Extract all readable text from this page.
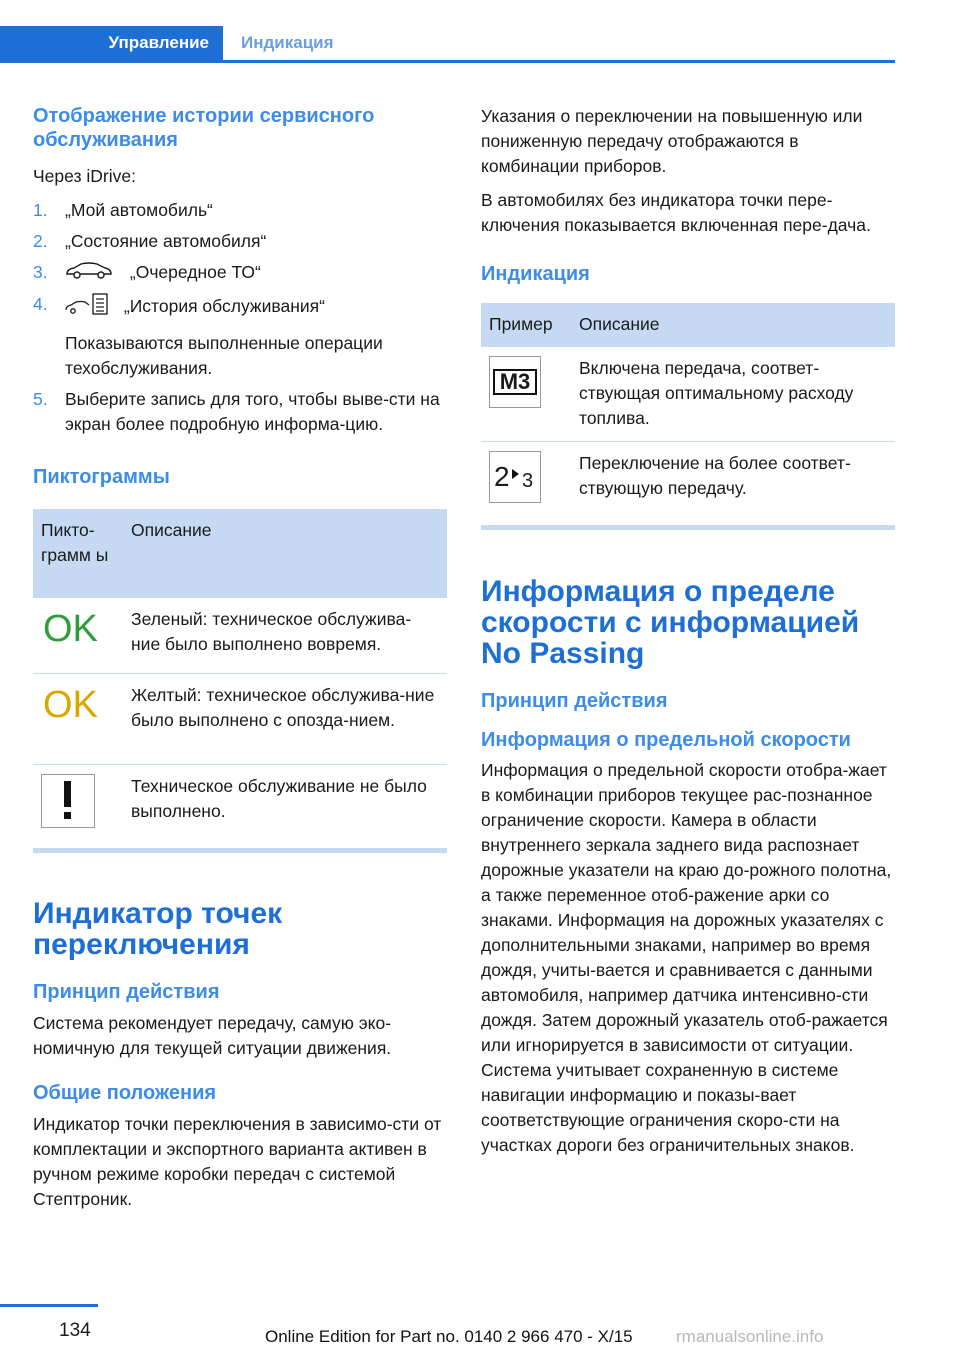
Управление	Индикация
Отображение истории сервисного обслуживания

Через iDrive:

1. „Мой автомобиль“
2. „Состояние автомобиля“
3.	„Очередное ТО“
4.	„История обслуживания“
Показываются выполненные операции техобслуживания.
5. Выберите запись для того, чтобы выве-сти на экран более подробную информа-цию.
Пиктограммы
Пикто-грамм ы	Описание

OK	Зеленый: техническое обслужива-ние было выполнено вовремя.

OK	Желтый: техническое обслужива-ние было выполнено с опозда-нием.

	Техническое обслуживание не было выполнено.
Индикатор точек переключения
Принцип действия

Система рекомендует передачу, самую эко-номичную для текущей ситуации движения.

Общие положения

Индикатор точки переключения в зависимо-сти от комплектации и экспортного варианта активен в ручном режиме коробки передач с системой Стептроник.

Указания о переключении на повышенную или пониженную передачу отображаются в комбинации приборов.

В автомобилях без индикатора точки пере-ключения показывается включенная пере-дача.

Индикация
Пример	Описание

M3	Включена передача, соответ-ствующая оптимальному расходу топлива.

2 3	Переключение на более соответ-ствующую передачу.
Информация о пределе скорости с информацией No Passing
Принцип действия
Информация о предельной скорости

Информация о предельной скорости отобра-жает в комбинации приборов текущее рас-познанное ограничение скорости. Камера в области внутреннего зеркала заднего вида распознает дорожные указатели на краю до-рожного полотна, а также переменное отоб-ражение арки со знаками. Информация на дорожных указателях с дополнительными знаками, например во время дождя, учиты-вается и сравнивается с данными автомобиля, например датчика интенсивно-сти дождя. Затем дорожный указатель отоб-ражается или игнорируется в зависимости от ситуации. Система учитывает сохраненную в системе навигации информацию и показы-вает соответствующие ограничения скоро-сти на участках дороги без ограничительных знаков.

134	Online Edition for Part no. 0140 2 966 470 - X/15	rmanualsonline.info
